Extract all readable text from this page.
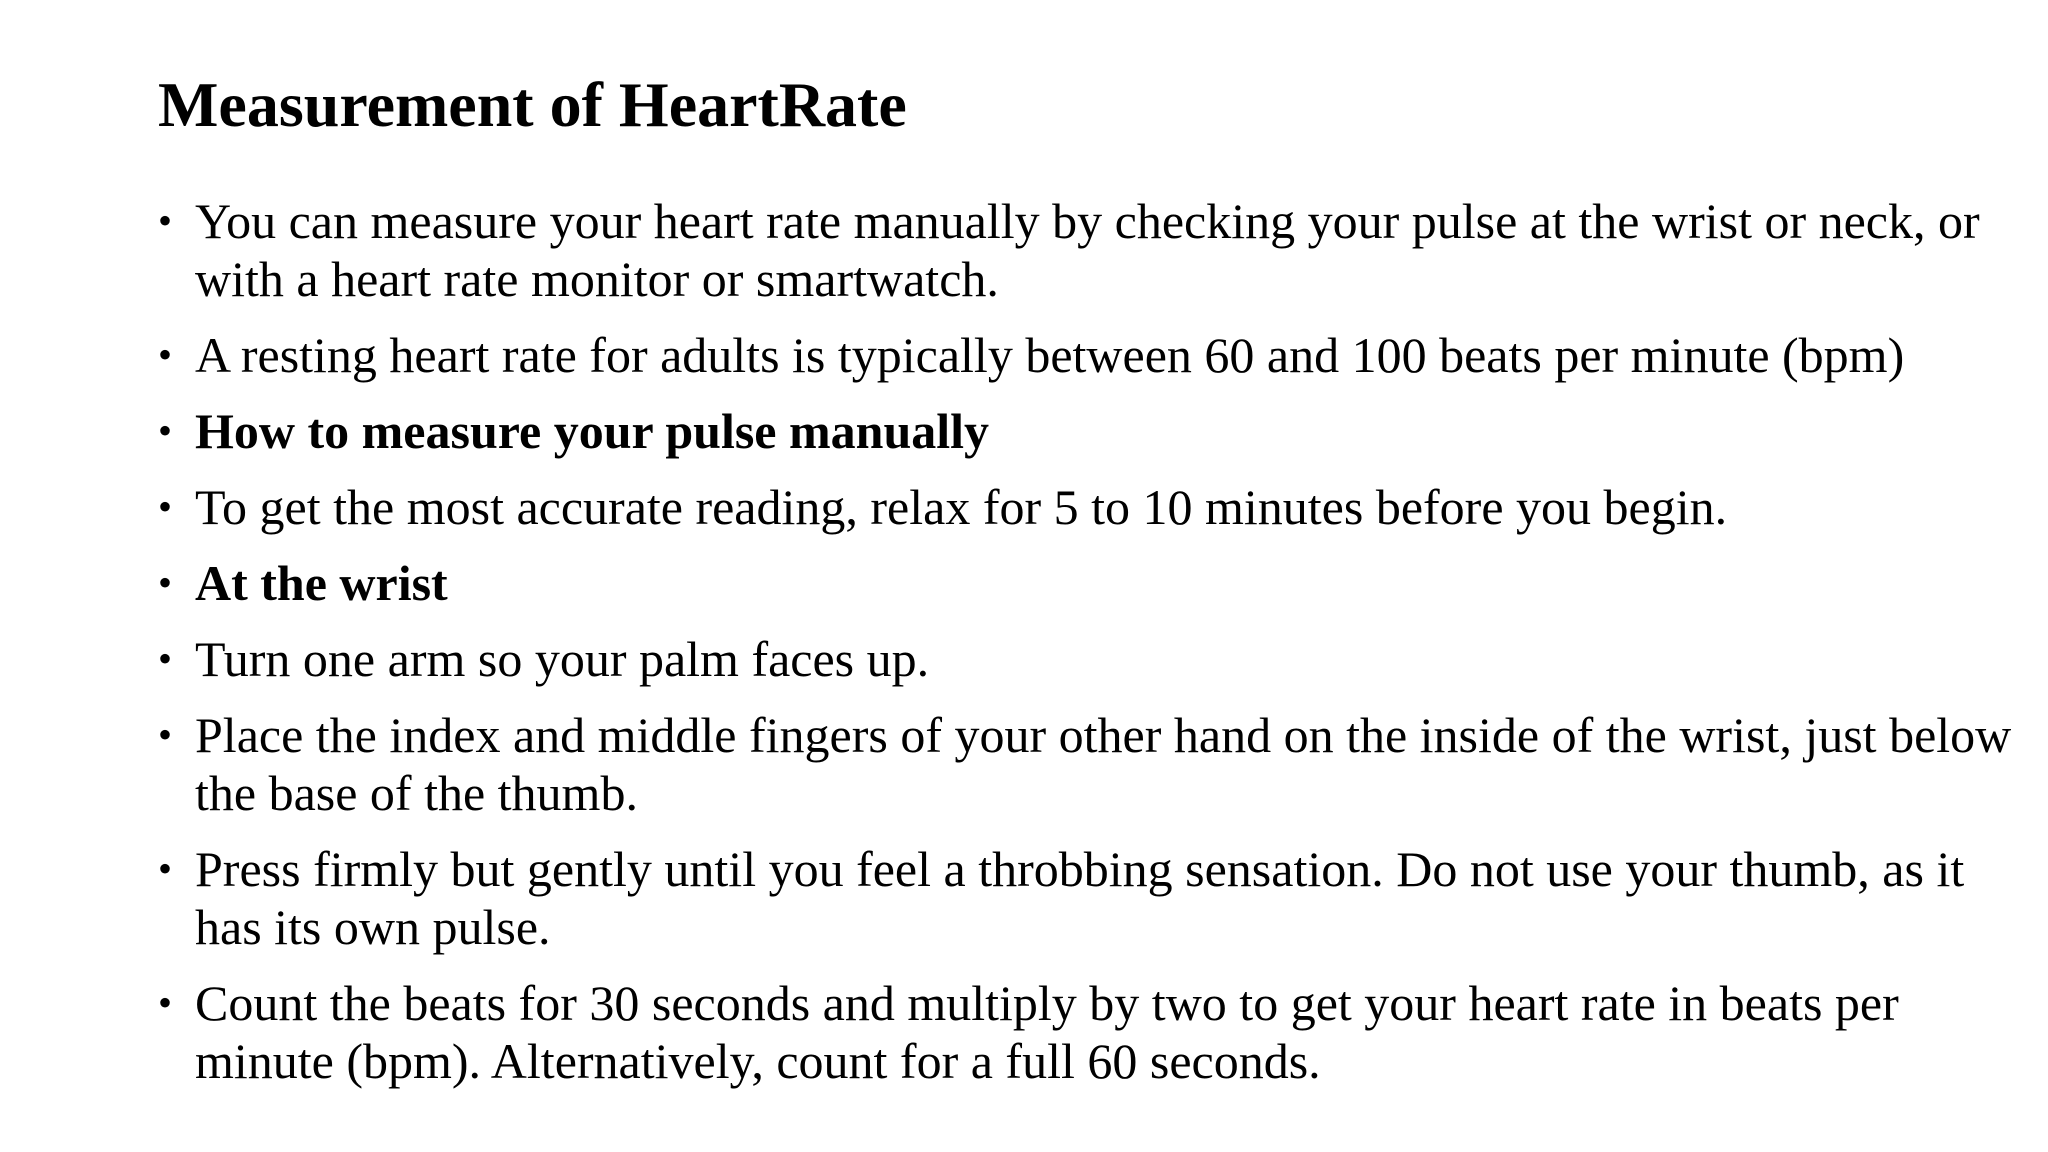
Measurement of HeartRate
• You can measure your heart rate manually by checking your pulse at the wrist or neck, or with a heart rate monitor or smartwatch.
• A resting heart rate for adults is typically between 60 and 100 beats per minute (bpm)
• How to measure your pulse manually
• To get the most accurate reading, relax for 5 to 10 minutes before you begin.
• At the wrist
• Turn one arm so your palm faces up.
• Place the index and middle fingers of your other hand on the inside of the wrist, just below the base of the thumb.
• Press firmly but gently until you feel a throbbing sensation. Do not use your thumb, as it has its own pulse.
• Count the beats for 30 seconds and multiply by two to get your heart rate in beats per minute (bpm). Alternatively, count for a full 60 seconds.
